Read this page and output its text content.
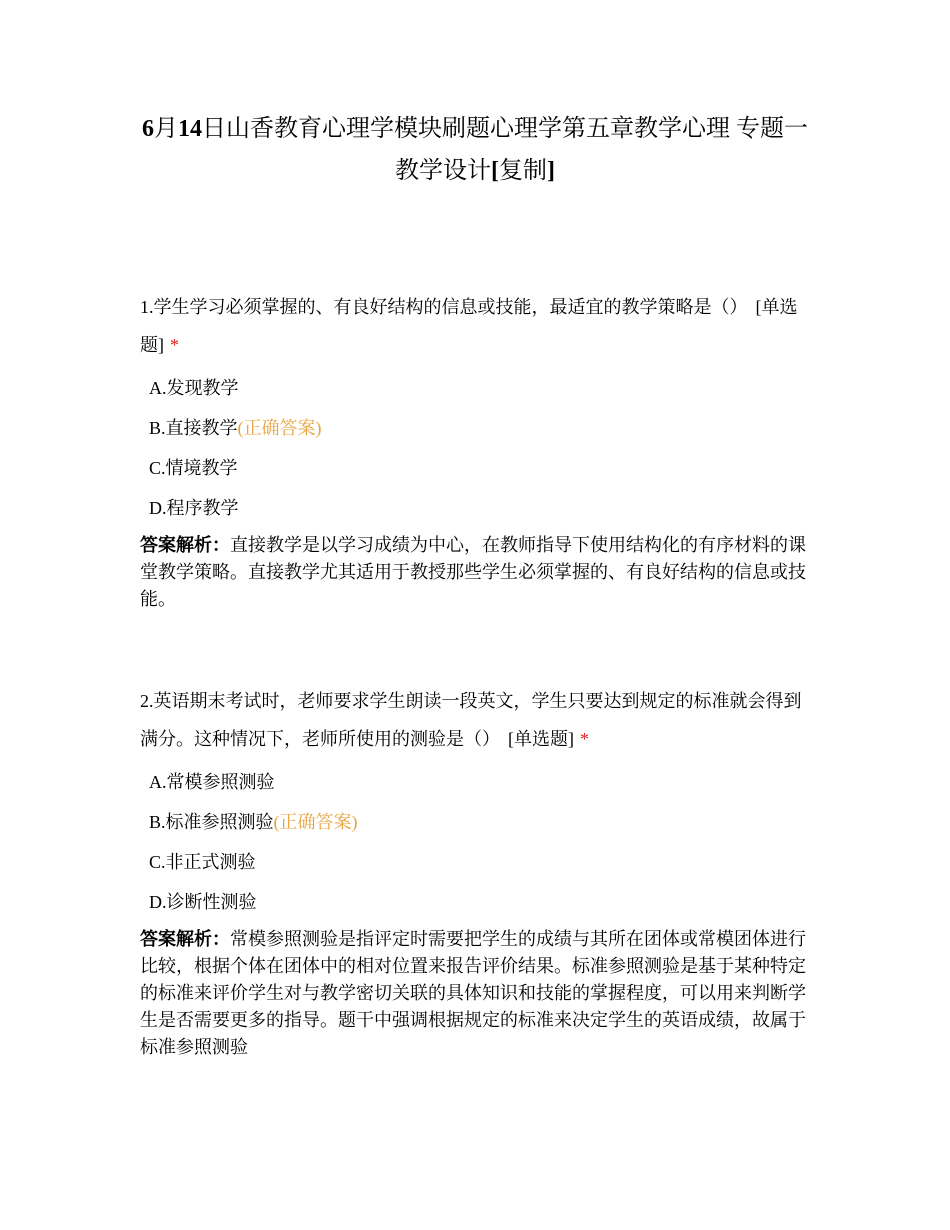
6月14日山香教育心理学模块刷题心理学第五章教学心理 专题一 教学设计[复制]

1.学生学习必须掌握的、有良好结构的信息或技能，最适宜的教学策略是（） [单选题] *

A.发现教学
B.直接教学(正确答案)
C.情境教学
D.程序教学

答案解析：直接教学是以学习成绩为中心，在教师指导下使用结构化的有序材料的课堂教学策略。直接教学尤其适用于教授那些学生必须掌握的、有良好结构的信息或技能。

2.英语期末考试时，老师要求学生朗读一段英文，学生只要达到规定的标准就会得到满分。这种情况下，老师所使用的测验是（） [单选题] *

A.常模参照测验
B.标准参照测验(正确答案)
C.非正式测验
D.诊断性测验

答案解析：常模参照测验是指评定时需要把学生的成绩与其所在团体或常模团体进行比较，根据个体在团体中的相对位置来报告评价结果。标准参照测验是基于某种特定的标准来评价学生对与教学密切关联的具体知识和技能的掌握程度，可以用来判断学生是否需要更多的指导。题干中强调根据规定的标准来决定学生的英语成绩，故属于标准参照测验
